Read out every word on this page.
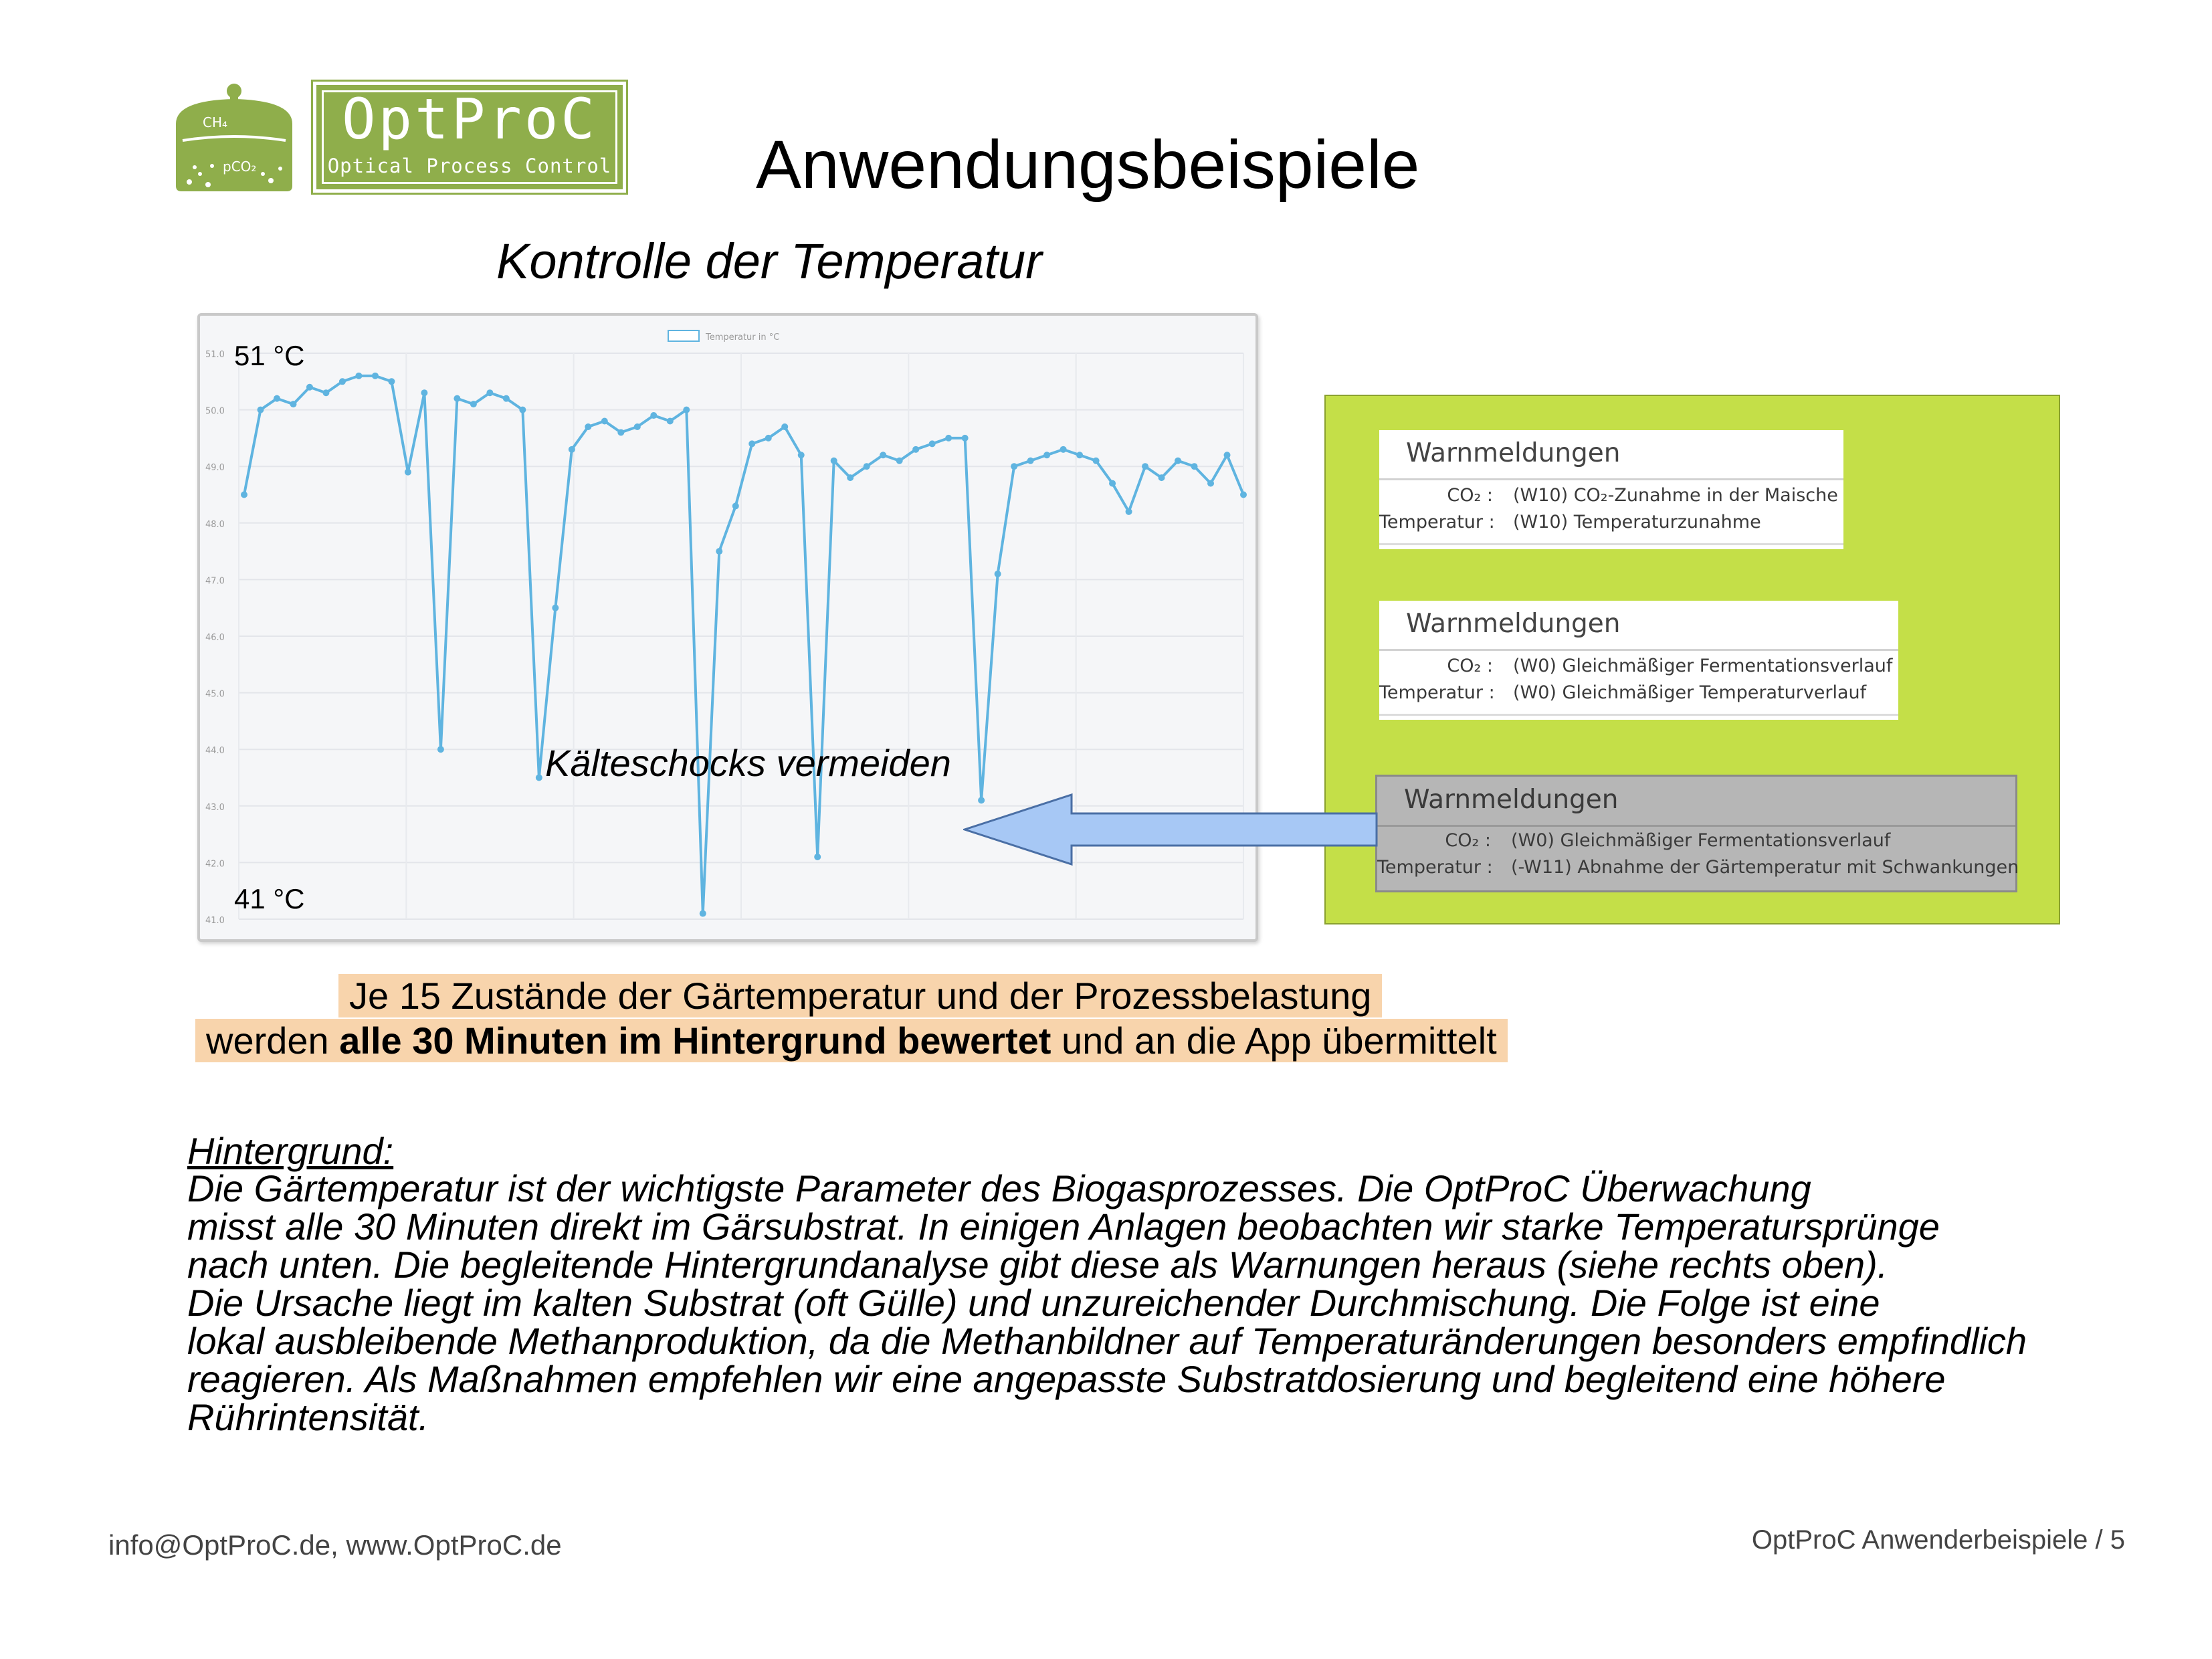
CH₄
pCO₂
OptProC
Optical Process Control Anwendungsbeispiele
Kontrolle der Temperatur
51.0
50.0
49.0
48.0
47.0
46.0
45.0
44.0
43.0
42.0
41.0
Temperatur in °C
51 °C
41 °C
Kälteschocks vermeiden
Warnmeldungen
CO₂ : (W10) CO₂-Zunahme in der Maische
Temperatur : (W10) Temperaturzunahme
Warnmeldungen
CO₂ : (W0) Gleichmäßiger Fermentationsverlauf
Temperatur : (W0) Gleichmäßiger Temperaturverlauf
Warnmeldungen
CO₂ : (W0) Gleichmäßiger Fermentationsverlauf
Temperatur : (-W11) Abnahme der Gärtemperatur mit Schwankungen
Je 15 Zustände der Gärtemperatur und der Prozessbelastung
werden alle 30 Minuten im Hintergrund bewertet und an die App übermittelt
Hintergrund:
Die Gärtemperatur ist der wichtigste Parameter des Biogasprozesses. Die OptProC Überwachung
misst alle 30 Minuten direkt im Gärsubstrat. In einigen Anlagen beobachten wir starke Temperatursprünge
nach unten. Die begleitende Hintergrundanalyse gibt diese als Warnungen heraus (siehe rechts oben).
Die Ursache liegt im kalten Substrat (oft Gülle) und unzureichender Durchmischung. Die Folge ist eine
lokal ausbleibende Methanproduktion, da die Methanbildner auf Temperaturänderungen besonders empfindlich
reagieren. Als Maßnahmen empfehlen wir eine angepasste Substratdosierung und begleitend eine höhere
Rührintensität.
info@OptProC.de, www.OptProC.de	OptProC Anwenderbeispiele / 5
